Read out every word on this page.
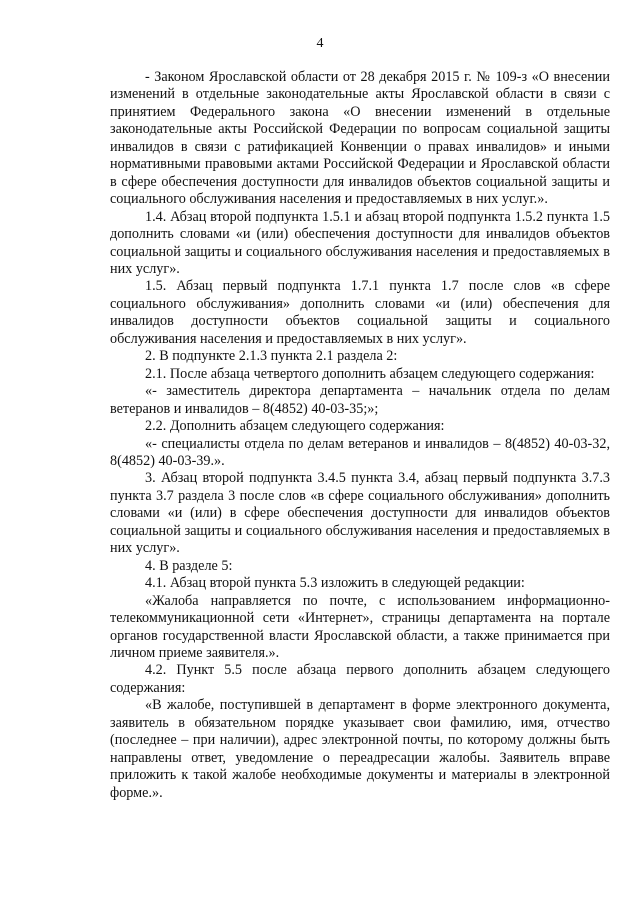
4

- Законом Ярославской области от 28 декабря 2015 г. № 109-з «О внесении изменений в отдельные законодательные акты Ярославской области в связи с принятием Федерального закона «О внесении изменений в отдельные законодательные акты Российской Федерации по вопросам социальной защиты инвалидов в связи с ратификацией Конвенции о правах инвалидов» и иными нормативными правовыми актами Российской Федерации и Ярославской области в сфере обеспечения доступности для инвалидов объектов социальной защиты и социального обслуживания населения и предоставляемых в них услуг.».

1.4. Абзац второй подпункта 1.5.1 и абзац второй подпункта 1.5.2 пункта 1.5 дополнить словами «и (или) обеспечения доступности для инвалидов объектов социальной защиты и социального обслуживания населения и предоставляемых в них услуг».

1.5. Абзац первый подпункта 1.7.1 пункта 1.7 после слов «в сфере социального обслуживания» дополнить словами «и (или) обеспечения для инвалидов доступности объектов социальной защиты и социального обслуживания населения и предоставляемых в них услуг».

2. В подпункте 2.1.3 пункта 2.1 раздела 2:

2.1. После абзаца четвертого дополнить абзацем следующего содержания:

«- заместитель директора департамента – начальник отдела по делам ветеранов и инвалидов – 8(4852) 40-03-35;»;

2.2. Дополнить абзацем следующего содержания:

«- специалисты отдела по делам ветеранов и инвалидов – 8(4852) 40-03-32, 8(4852) 40-03-39.».

3. Абзац второй подпункта 3.4.5 пункта 3.4, абзац первый подпункта 3.7.3 пункта 3.7 раздела 3 после слов «в сфере социального обслуживания» дополнить словами «и (или) в сфере обеспечения доступности для инвалидов объектов социальной защиты и социального обслуживания населения и предоставляемых в них услуг».

4. В разделе 5:

4.1. Абзац второй пункта 5.3 изложить в следующей редакции:

«Жалоба направляется по почте, с использованием информационно-телекоммуникационной сети «Интернет», страницы департамента на портале органов государственной власти Ярославской области, а также принимается при личном приеме заявителя.».

4.2. Пункт 5.5 после абзаца первого дополнить абзацем следующего содержания:

«В жалобе, поступившей в департамент в форме электронного документа, заявитель в обязательном порядке указывает свои фамилию, имя, отчество (последнее – при наличии), адрес электронной почты, по которому должны быть направлены ответ, уведомление о переадресации жалобы. Заявитель вправе приложить к такой жалобе необходимые документы и материалы в электронной форме.».
